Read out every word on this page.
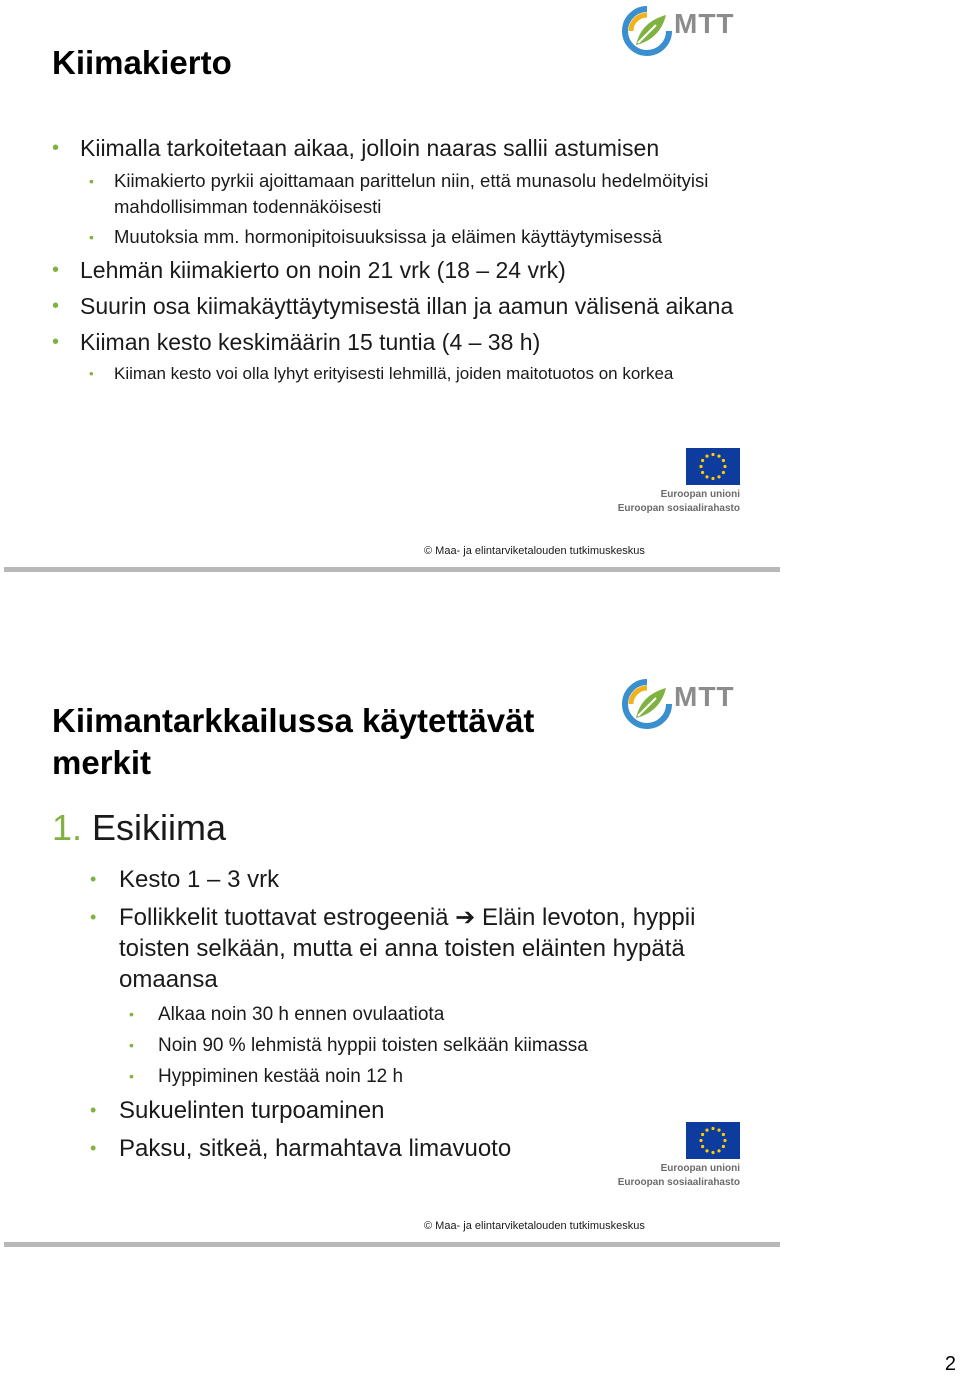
Kiimakierto
MTT
• Kiimalla tarkoitetaan aikaa, jolloin naaras sallii astumisen
• Kiimakierto pyrkii ajoittamaan parittelun niin, että munasolu hedelmöityisi mahdollisimman todennäköisesti
• Muutoksia mm. hormonipitoisuuksissa ja eläimen käyttäytymisessä
• Lehmän kiimakierto on noin 21 vrk (18 – 24 vrk)
• Suurin osa kiimakäyttäytymisestä illan ja aamun välisenä aikana
• Kiiman kesto keskimäärin 15 tuntia (4 – 38 h)
• Kiiman kesto voi olla lyhyt erityisesti lehmillä, joiden maitotuotos on korkea
Euroopan unioni
Euroopan sosiaalirahasto
© Maa- ja elintarviketalouden tutkimuskeskus
Kiimantarkkailussa käytettävät merkit
MTT
1. Esikiima
• Kesto 1 – 3 vrk
• Follikkelit tuottavat estrogeeniä ➔ Eläin levoton, hyppii toisten selkään, mutta ei anna toisten eläinten hypätä omaansa
• Alkaa noin 30 h ennen ovulaatiota
• Noin 90 % lehmistä hyppii toisten selkään kiimassa
• Hyppiminen kestää noin 12 h
• Sukuelinten turpoaminen
• Paksu, sitkeä, harmahtava limavuoto
Euroopan unioni
Euroopan sosiaalirahasto
© Maa- ja elintarviketalouden tutkimuskeskus
2
